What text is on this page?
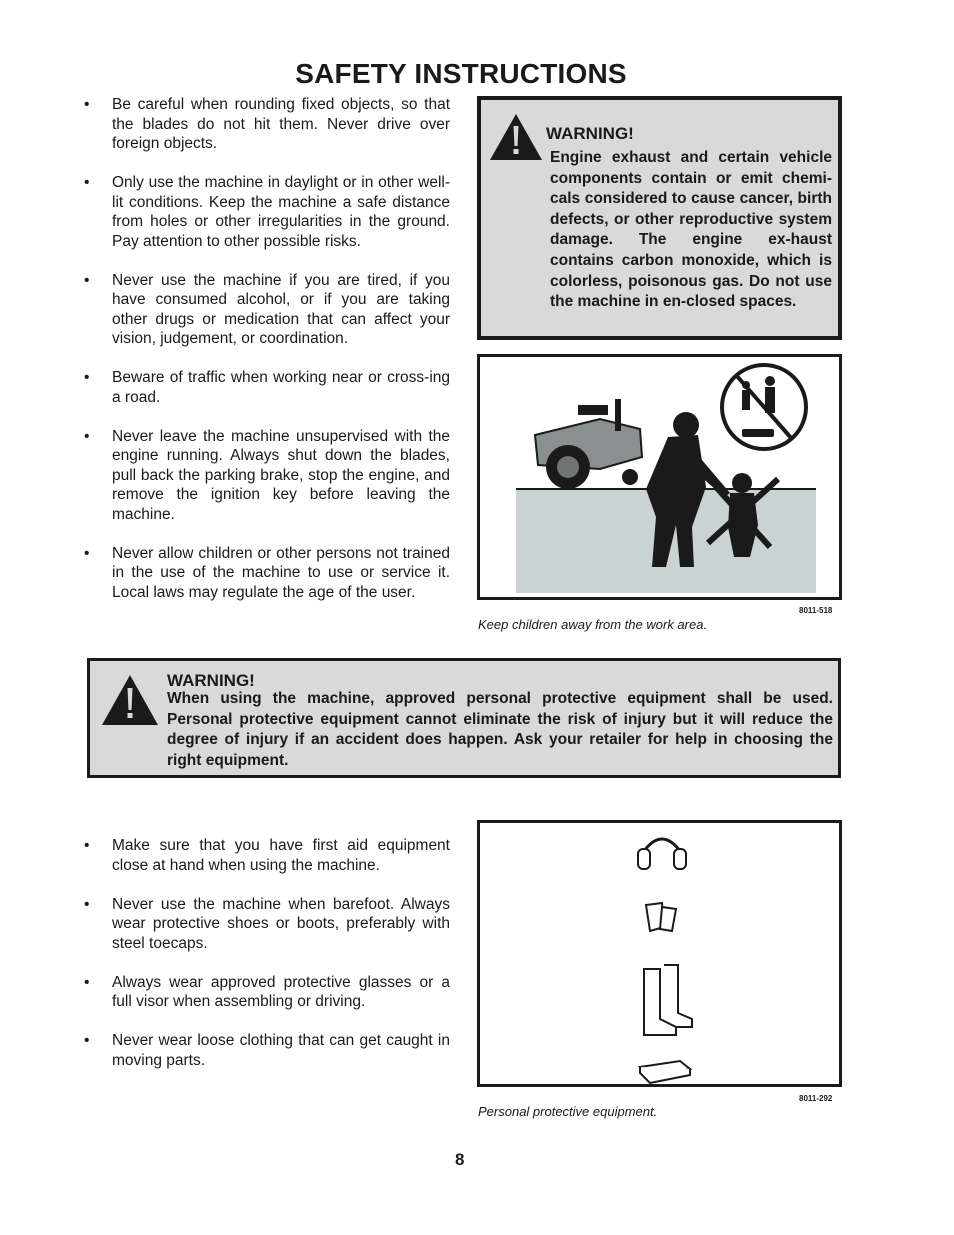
SAFETY INSTRUCTIONS
• Be careful when rounding fixed objects, so that the blades do not hit them. Never drive over foreign objects.
• Only use the machine in daylight or in other well-lit conditions. Keep the machine a safe distance from holes or other irregularities in the ground. Pay attention to other possible risks.
• Never use the machine if you are tired, if you have consumed alcohol, or if you are taking other drugs or medication that can affect your vision, judgement, or coordination.
• Beware of traffic when working near or cross-ing a road.
• Never leave the machine unsupervised with the engine running. Always shut down the blades, pull back the parking brake, stop the engine, and remove the ignition key before leaving the machine.
• Never allow children or other persons not trained in the use of the machine to use or service it. Local laws may regulate the age of the user.
WARNING!
Engine exhaust and certain vehicle components contain or emit chemi-cals considered to cause cancer, birth defects, or other reproductive system damage. The engine ex-haust contains carbon monoxide, which is colorless, poisonous gas. Do not use the machine in en-closed spaces.
8011-518
Keep children away from the work area.
WARNING!
When using the machine, approved personal protective equipment shall be used. Personal protective equipment cannot eliminate the risk of injury but it will reduce the degree of injury if an accident does happen. Ask your retailer for help in choosing the right equipment.
• Make sure that you have first aid equipment close at hand when using the machine.
• Never use the machine when barefoot. Always wear protective shoes or boots, preferably with steel toecaps.
• Always wear approved protective glasses or a full visor when assembling or driving.
• Never wear loose clothing that can get caught in moving parts.
8011-292
Personal protective equipment.
8
